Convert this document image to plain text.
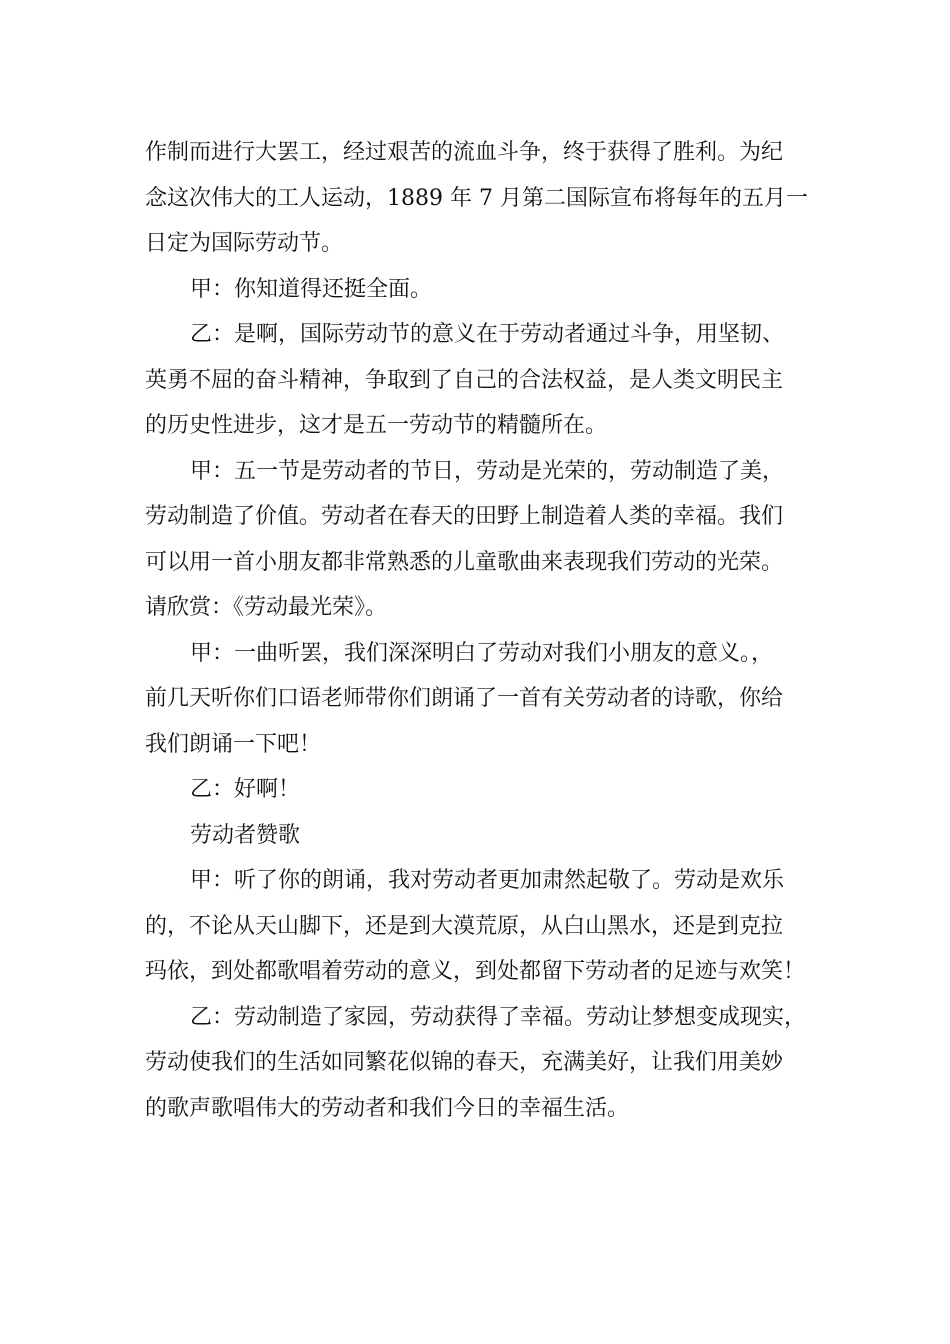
作制而进行大罢工，经过艰苦的流血斗争，终于获得了胜利。为纪
念这次伟大的工人运动，1889 年 7 月第二国际宣布将每年的五月一
日定为国际劳动节。

甲：你知道得还挺全面。

乙：是啊，国际劳动节的意义在于劳动者通过斗争，用坚韧、

英勇不屈的奋斗精神，争取到了自己的合法权益，是人类文明民主
的历史性进步，这才是五一劳动节的精髓所在。

甲：五一节是劳动者的节日，劳动是光荣的，劳动制造了美，

劳动制造了价值。劳动者在春天的田野上制造着人类的幸福。我们
可以用一首小朋友都非常熟悉的儿童歌曲来表现我们劳动的光荣。
请欣赏：《劳动最光荣》。

甲：一曲听罢，我们深深明白了劳动对我们小朋友的意义。，

前几天听你们口语老师带你们朗诵了一首有关劳动者的诗歌，你给
我们朗诵一下吧！

乙：好啊！

劳动者赞歌

甲：听了你的朗诵，我对劳动者更加肃然起敬了。劳动是欢乐

的，不论从天山脚下，还是到大漠荒原，从白山黑水，还是到克拉
玛依，到处都歌唱着劳动的意义，到处都留下劳动者的足迹与欢笑！

乙：劳动制造了家园，劳动获得了幸福。劳动让梦想变成现实，

劳动使我们的生活如同繁花似锦的春天，充满美好，让我们用美妙
的歌声歌唱伟大的劳动者和我们今日的幸福生活。
